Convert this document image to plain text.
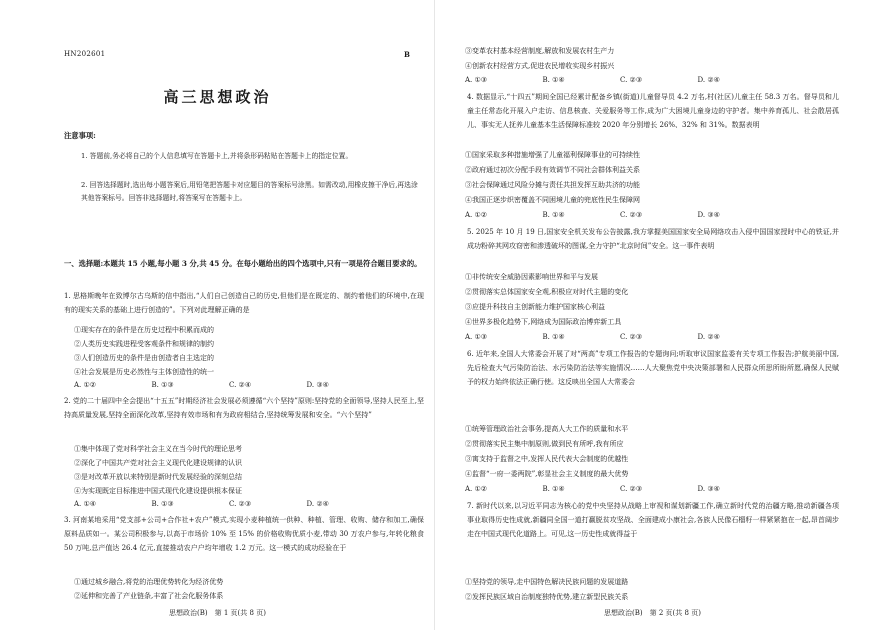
HN202601	B
高三思想政治
注意事项:
1. 答题前,务必将自己的个人信息填写在答题卡上,并将条形码粘贴在答题卡上的指定位置。
2. 回答选择题时,选出每小题答案后,用铅笔把答题卡对应题目的答案标号涂黑。如需改动,用橡皮擦干净后,再选涂其他答案标号。回答非选择题时,将答案写在答题卡上。
一、选择题:本题共 15 小题,每小题 3 分,共 45 分。在每小题给出的四个选项中,只有一项是符合题目要求的。
1. 思格斯晚年在致博尔古乌斯的信中指出,“人们自己创造自己的历史,但他们是在既定的、制约着他们的环境中,在现有的现实关系的基础上进行创造的”。下列对此理解正确的是
①现实存在的条件是在历史过程中积累而成的
②人类历史实践进程受客观条件和规律的制约
③人们创造历史的条件是由创造者自主选定的
④社会发展是历史必然性与主体创造性的统一
A. ①②	B. ①③	C. ②④	D. ③④
2. 党的二十届四中全会提出“十五五”时期经济社会发展必须遵循“六个坚持”原则:坚持党的全面领导,坚持人民至上,坚持高质量发展,坚持全面深化改革,坚持有效市场和有为政府相结合,坚持统筹发展和安全。“六个坚持”
①集中体现了党对科学社会主义在当今时代的理论思考
②深化了中国共产党对社会主义现代化建设规律的认识
③是对改革开放以来特别是新时代发展经验的深刻总结
④为实现既定目标推进中国式现代化建设提供根本保证
A. ①④	B. ①③	C. ②③	D. ②④
3. 河南某地采用“党支部+公司+合作社+农户”模式,实现小麦种植统一供种、种植、管理、收购、储存和加工,确保原料品质如一。某公司积极参与,以高于市场价 10% 至 15% 的价格收购优质小麦,带动 30 万农户参与,年转化粮食 50 万吨,总产值达 26.4 亿元,直接推动农户户均年增收 1.2 万元。这一模式的成功经验在于
①通过城乡融合,将党的治理优势转化为经济优势
②延伸和完善了产业链条,丰富了社会化服务体系
思想政治(B)　第 1 页(共 8 页)
③变革农村基本经营制度,解放和发展农村生产力
④创新农村经营方式,促进农民增收实现乡村振兴
A. ①③	B. ①④	C. ②③	D. ②④
4. 数据显示,“十四五”期间全国已经累计配备乡镇(街道)儿童督导员 4.2 万名,村(社区)儿童主任 58.3 万名。督导员和儿童主任常态化开展入户走访、信息核查、关爱服务等工作,成为广大困境儿童身边的守护者。集中养育孤儿、社会散居孤儿、事实无人抚养儿童基本生活保障标准较 2020 年分别增长 26%、32% 和 31%。数据表明
①国家采取多种措施增强了儿童福利保障事业的可持续性
②政府通过初次分配手段有效调节不同社会群体利益关系
③社会保障通过风险分摊与责任共担发挥互助共济的功能
④我国正逐步织密覆盖不同困境儿童的兜底性民生保障网
A. ①②	B. ①④	C. ②③	D. ③④
5. 2025 年 10 月 19 日,国家安全机关发布公告披露,我方掌握美国国家安全局网络攻击入侵中国国家授时中心的铁证,并成功粉碎其网攻窃密和渗透破坏的图谋,全力守护“北京时间”安全。这一事件表明
①非传统安全威胁因素影响世界和平与发展
②贯彻落实总体国家安全观,积极应对时代主题的变化
③应提升科技自主创新能力维护国家核心利益
④世界多极化趋势下,网络成为国际政治博弈新工具
A. ①③	B. ①④	C. ②③	D. ②④
6. 近年来,全国人大常委会开展了对“两高”专项工作报告的专题询问;听取审议国家监委有关专项工作报告;护航美丽中国,先后检查大气污染防治法、水污染防治法等实施情况……人大聚焦党中央决策部署和人民群众所思所盼所愿,确保人民赋予的权力始终依法正确行使。这反映出全国人大常委会
①统筹管理政治社会事务,提高人大工作的质量和水平
②贯彻落实民主集中制原则,做到民有所呼,我有所应
③寓支持于监督之中,发挥人民代表大会制度的优越性
④监督“一府一委两院”,彰显社会主义制度的最大优势
A. ①②	B. ①④	C. ②③	D. ③④
7. 新时代以来,以习近平同志为核心的党中央坚持从战略上审视和谋划新疆工作,确立新时代党的治疆方略,推动新疆各项事业取得历史性成就,新疆同全国一道打赢脱贫攻坚战、全面建成小康社会,各族人民像石榴籽一样紧紧抱在一起,昂首阔步走在中国式现代化道路上。可见,这一历史性成就得益于
①坚持党的领导,走中国特色解决民族问题的发展道路
②发挥民族区域自治制度独特优势,建立新型民族关系
思想政治(B)　第 2 页(共 8 页)
